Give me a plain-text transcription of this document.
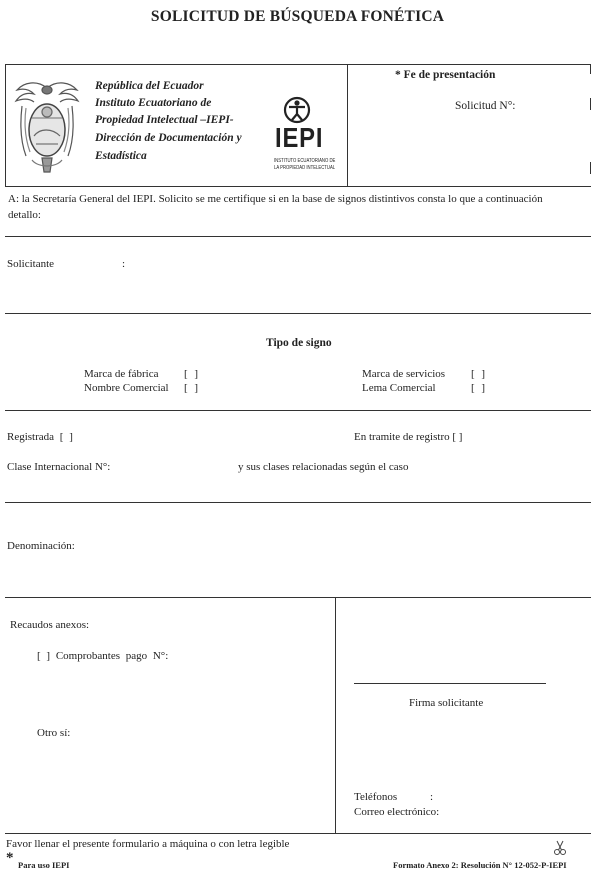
SOLICITUD DE BÚSQUEDA FONÉTICA
República del Ecuador
Instituto Ecuatoriano de
Propiedad Intelectual –IEPI-
Dirección de Documentación y
Estadística
IEPI
INSTITUTO ECUATORIANO DE
LA PROPIEDAD INTELECTUAL
* Fe de presentación
Solicitud N°:
A: la Secretaría General del IEPI. Solicito se me certifique si en la base de signos distintivos consta lo que a continuación
detallo:
Solicitante	:
Tipo de signo
Marca de fábrica [ ]
Nombre Comercial [ ]
Marca de servicios [ ]
Lema Comercial	[ ]
Registrada [ ]	En tramite de registro [ ]
Clase Internacional N°:	y sus clases relacionadas según el caso
Denominación:
Recaudos anexos:
[ ] Comprobantes pago N°:
Otro sí:
Firma solicitante
Teléfonos	:
Correo electrónico:
Favor llenar el presente formulario a máquina o con letra legible
* Para uso IEPI	Formato Anexo 2: Resolución N° 12-052-P-IEPI
